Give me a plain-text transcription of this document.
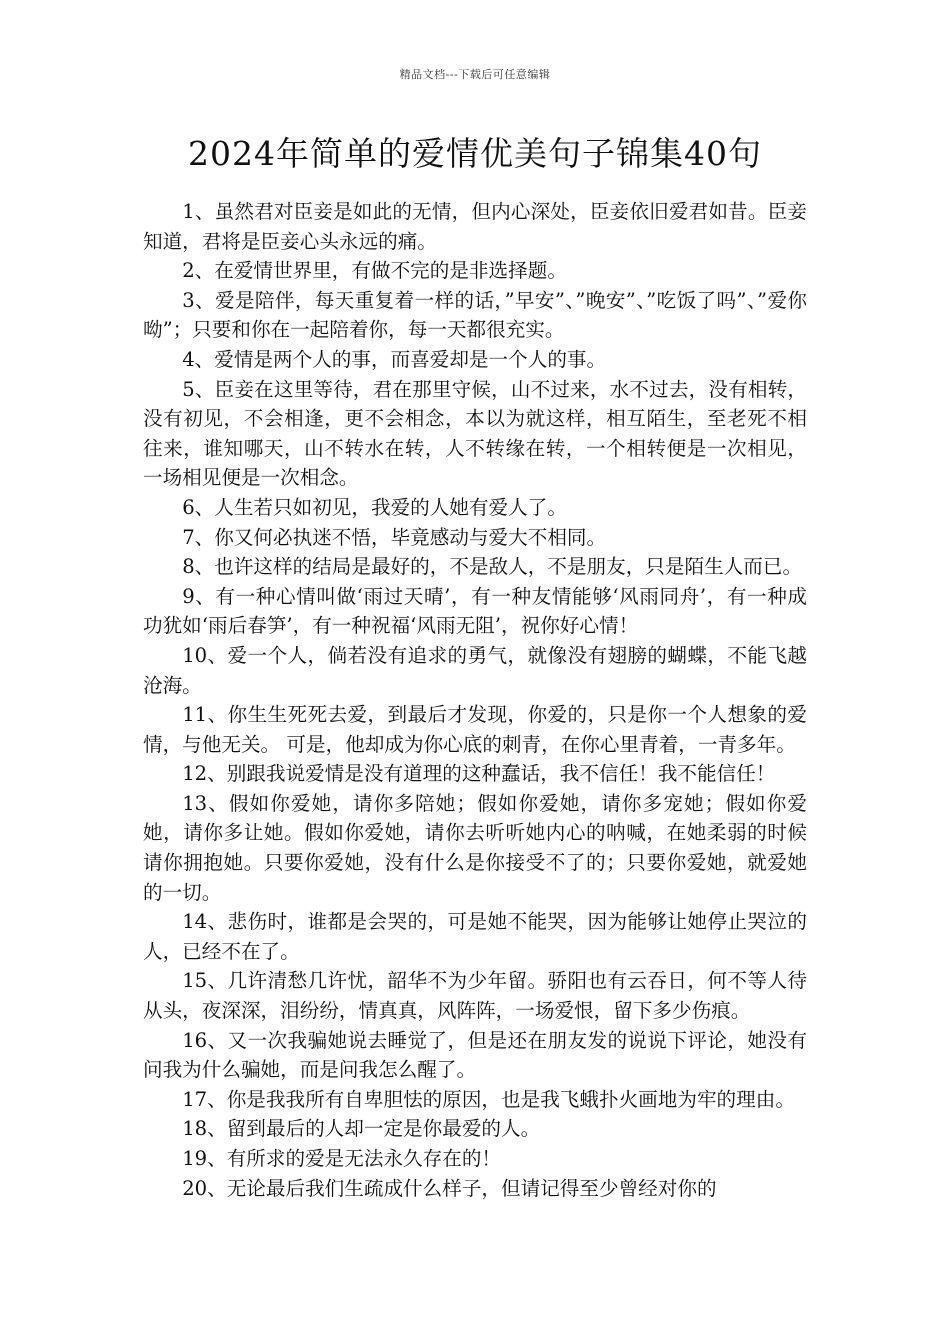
精品文档---下载后可任意编辑
2024年简单的爱情优美句子锦集40句

1、虽然君对臣妾是如此的无情，但内心深处，臣妾依旧爱君如昔。臣妾知道，君将是臣妾心头永远的痛。

2、在爱情世界里，有做不完的是非选择题。

3、爱是陪伴，每天重复着一样的话，”早安”、”晚安”、”吃饭了吗”、”爱你呦”；只要和你在一起陪着你，每一天都很充实。

4、爱情是两个人的事，而喜爱却是一个人的事。

5、臣妾在这里等待，君在那里守候，山不过来，水不过去，没有相转，没有初见，不会相逢，更不会相念，本以为就这样，相互陌生，至老死不相往来，谁知哪天，山不转水在转，人不转缘在转，一个相转便是一次相见，一场相见便是一次相念。

6、人生若只如初见，我爱的人她有爱人了。

7、你又何必执迷不悟，毕竟感动与爱大不相同。

8、也许这样的结局是最好的，不是敌人，不是朋友，只是陌生人而已。

9、有一种心情叫做‘雨过天晴’，有一种友情能够‘风雨同舟’，有一种成功犹如‘雨后春笋’，有一种祝福‘风雨无阻’，祝你好心情！

10、爱一个人，倘若没有追求的勇气，就像没有翅膀的蝴蝶，不能飞越沧海。

11、你生生死死去爱，到最后才发现，你爱的，只是你一个人想象的爱情，与他无关。 可是，他却成为你心底的刺青，在你心里青着，一青多年。

12、别跟我说爱情是没有道理的这种蠢话，我不信任！我不能信任！

13、假如你爱她，请你多陪她；假如你爱她，请你多宠她；假如你爱她，请你多让她。假如你爱她，请你去听听她内心的呐喊，在她柔弱的时候请你拥抱她。只要你爱她，没有什么是你接受不了的；只要你爱她，就爱她的一切。

14、悲伤时，谁都是会哭的，可是她不能哭，因为能够让她停止哭泣的人，已经不在了。

15、几许清愁几许忧，韶华不为少年留。骄阳也有云吞日，何不等人待从头，夜深深，泪纷纷，情真真，风阵阵，一场爱恨，留下多少伤痕。

16、又一次我骗她说去睡觉了，但是还在朋友发的说说下评论，她没有问我为什么骗她，而是问我怎么醒了。

17、你是我我所有自卑胆怯的原因，也是我飞蛾扑火画地为牢的理由。

18、留到最后的人却一定是你最爱的人。

19、有所求的爱是无法永久存在的！

20、无论最后我们生疏成什么样子，但请记得至少曾经对你的
